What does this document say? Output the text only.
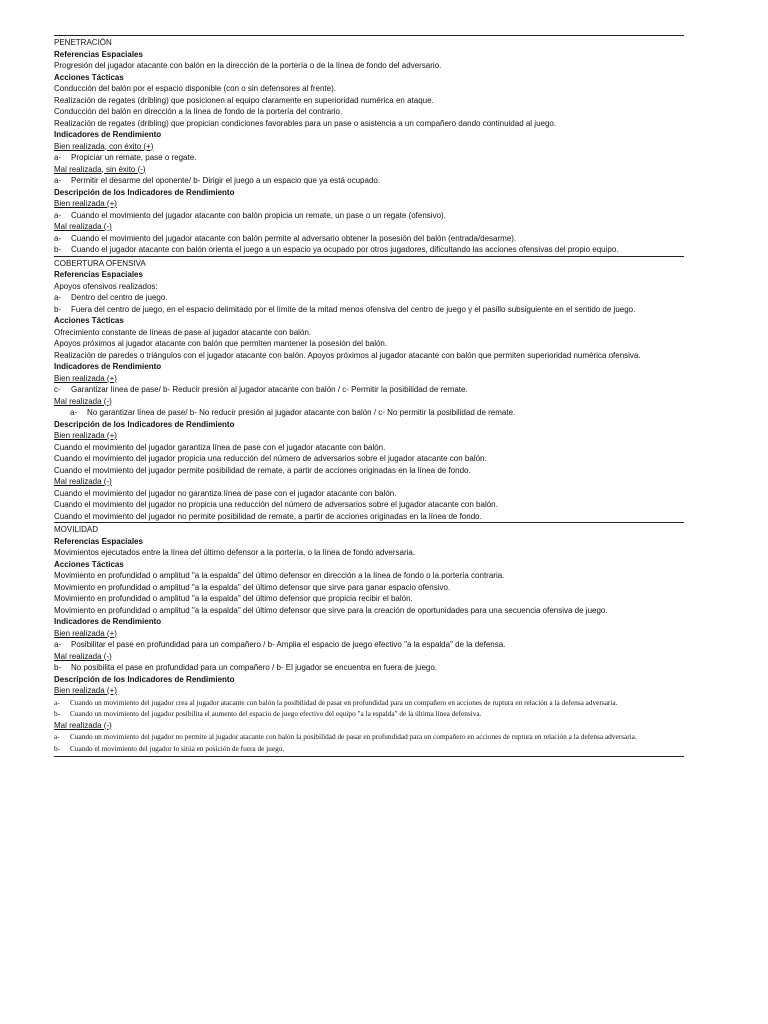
PENETRACIÓN
Referencias Espaciales
Progresión del jugador atacante con balón en la dirección de la portería o de la línea de fondo del adversario.
Acciones Tácticas
Conducción del balón por el espacio disponible (con o sin defensores al frente).
Realización de regates (dribling) que posicionen al equipo claramente en superioridad numérica en ataque.
Conducción del balón en dirección a la línea de fondo de la portería del contrario.
Realización de regates (dribling) que propician condiciones favorables para un pase o asistencia a un compañero dando continuidad al juego.
Indicadores de Rendimiento
Bien realizada, con éxito (+)
a-	Propiciar un remate, pase o regate.
Mal realizada, sin éxito (-)
a-	Permitir el desarme del oponente/ b- Dirigir el juego a un espacio que ya está ocupado.
Descripción de los Indicadores de Rendimiento
Bien realizada (+)
a-	Cuando el movimiento del jugador atacante con balón propicia un remate, un pase o un regate (ofensivo).
Mal realizada (-)
a-	Cuando el movimiento del jugador atacante con balón permite al adversario obtener la posesión del balón (entrada/desarme).
b-	Cuando el jugador atacante con balón orienta el juego a un espacio ya ocupado por otros jugadores, dificultando las acciones ofensivas del propio equipo.
COBERTURA OFENSIVA
Referencias Espaciales
Apoyos ofensivos realizados:
a-	Dentro del centro de juego.
b-	Fuera del centro de juego, en el espacio delimitado por el límite de la mitad menos ofensiva del centro de juego y el pasillo subsiguiente en el sentido de juego.
Acciones Tácticas
Ofrecimiento constante de líneas de pase al jugador atacante con balón.
Apoyos próximos al jugador atacante con balón que permiten mantener la posesión del balón.
Realización de paredes o triángulos con el jugador atacante con balón. Apoyos próximos al jugador atacante con balón que permiten superioridad numérica ofensiva.
Indicadores de Rendimiento
Bien realizada (+)
c-	Garantizar línea de pase/ b- Reducir presión al jugador atacante con balón / c- Permitir la posibilidad de remate.
Mal realizada (-)
a-	No garantizar línea de pase/ b- No reducir presión al jugador atacante con balón / c- No permitir la posibilidad de remate.
Descripción de los Indicadores de Rendimiento
Bien realizada (+)
Cuando el movimiento del jugador garantiza línea de pase con el jugador atacante con balón.
Cuando el movimiento del jugador propicia una reducción del número de adversarios sobre el jugador atacante con balón.
Cuando el movimiento del jugador permite posibilidad de remate, a partir de acciones originadas en la línea de fondo.
Mal realizada (-)
Cuando el movimiento del jugador no garantiza línea de pase con el jugador atacante con balón.
Cuando el movimiento del jugador no propicia una reducción del número de adversarios sobre el jugador atacante con balón.
Cuando el movimiento del jugador no permite posibilidad de remate, a partir de acciones originadas en la línea de fondo.
MOVILIDAD
Referencias Espaciales
Movimientos ejecutados entre la línea del último defensor a la portería, o la línea de fondo adversaria.
Acciones Tácticas
Movimiento en profundidad o amplitud "a la espalda" del último defensor en dirección a la línea de fondo o la portería contraria.
Movimiento en profundidad o amplitud "a la espalda" del último defensor que sirve para ganar espacio ofensivo.
Movimiento en profundidad o amplitud "a la espalda" del último defensor que propicia recibir el balón.
Movimiento en profundidad o amplitud "a la espalda" del último defensor que sirve para la creación de oportunidades para una secuencia ofensiva de juego.
Indicadores de Rendimiento
Bien realizada (+)
a-	Posibilitar el pase en profundidad para un compañero / b- Amplia el espacio de juego efectivo "a la espalda" de la defensa.
Mal realizada (-)
b-	No posibilita el pase en profundidad para un compañero / b- El jugador se encuentra en fuera de juego.
Descripción de los Indicadores de Rendimiento
Bien realizada (+)
a-	Cuando un movimiento del jugador crea al jugador atacante con balón la posibilidad de pasar en profundidad para un compañero en acciones de ruptura en relación a la defensa adversaria.
b-	Cuando un movimiento del jugador posibilita el aumento del espacio de juego efectivo del equipo "a la espalda" de la última línea defensiva.
Mal realizada (-)
a-	Cuando un movimiento del jugador no permite al jugador atacante con balón la posibilidad de pasar en profundidad para un compañero en acciones de ruptura en relación a la defensa adversaria.
b-	Cuando el movimiento del jugador lo sitúa en posición de fuera de juego.
